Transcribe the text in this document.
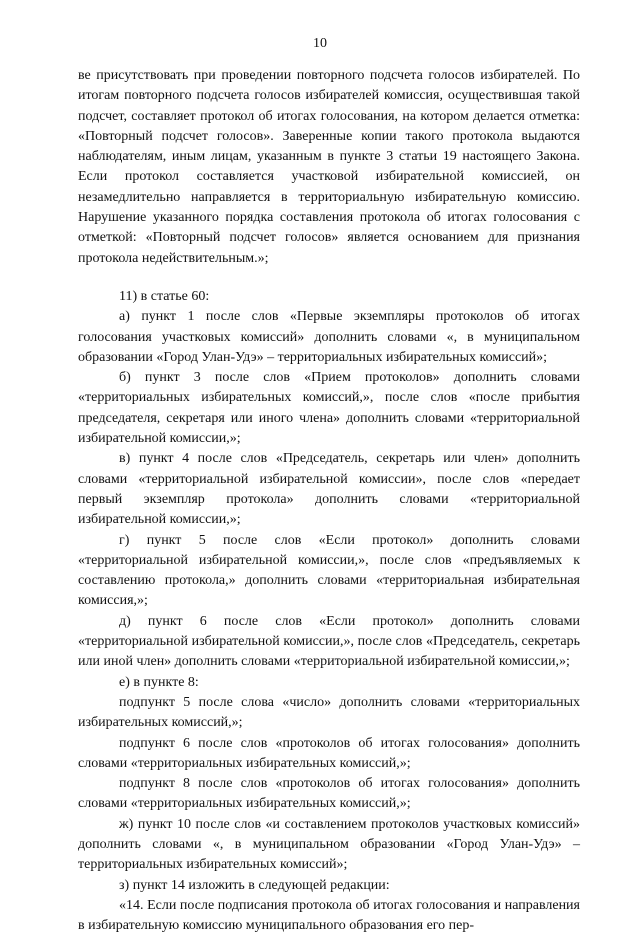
10

ве присутствовать при проведении повторного подсчета голосов избирателей. По итогам повторного подсчета голосов избирателей комиссия, осуществившая такой подсчет, составляет протокол об итогах голосования, на котором делается отметка: «Повторный подсчет голосов». Заверенные копии такого протокола выдаются наблюдателям, иным лицам, указанным в пункте 3 статьи 19 настоящего Закона. Если протокол составляется участковой избирательной комиссией, он незамедлительно направляется в территориальную избирательную комиссию. Нарушение указанного порядка составления протокола об итогах голосования с отметкой: «Повторный подсчет голосов» является основанием для признания протокола недействительным.»;

11) в статье 60:

а) пункт 1 после слов «Первые экземпляры протоколов об итогах голосования участковых комиссий» дополнить словами «, в муниципальном образовании «Город Улан-Удэ» – территориальных избирательных комиссий»;

б) пункт 3 после слов «Прием протоколов» дополнить словами «территориальных избирательных комиссий,», после слов «после прибытия председателя, секретаря или иного члена» дополнить словами «территориальной избирательной комиссии,»;

в) пункт 4 после слов «Председатель, секретарь или член» дополнить словами «территориальной избирательной комиссии», после слов «передает первый экземпляр протокола» дополнить словами «территориальной избирательной комиссии,»;

г) пункт 5 после слов «Если протокол» дополнить словами «территориальной избирательной комиссии,», после слов «предъявляемых к составлению протокола,» дополнить словами «территориальная избирательная комиссия,»;

д) пункт 6 после слов «Если протокол» дополнить словами «территориальной избирательной комиссии,», после слов «Председатель, секретарь или иной член» дополнить словами «территориальной избирательной комиссии,»;

е) в пункте 8:

подпункт 5 после слова «число» дополнить словами «территориальных избирательных комиссий,»;

подпункт 6 после слов «протоколов об итогах голосования» дополнить словами «территориальных избирательных комиссий,»;

подпункт 8 после слов «протоколов об итогах голосования» дополнить словами «территориальных избирательных комиссий,»;

ж) пункт 10 после слов «и составлением протоколов участковых комиссий» дополнить словами «, в муниципальном образовании «Город Улан-Удэ» – территориальных избирательных комиссий»;

з) пункт 14 изложить в следующей редакции:

«14. Если после подписания протокола об итогах голосования и направления в избирательную комиссию муниципального образования его пер-
